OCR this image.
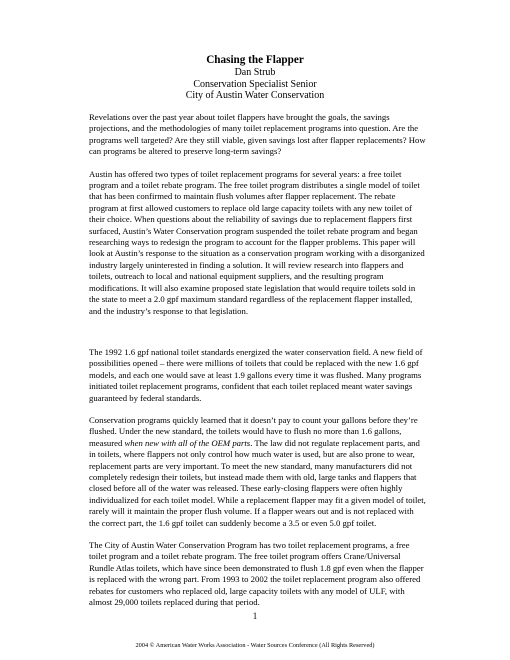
Chasing the Flapper

Dan Strub

Conservation Specialist Senior

City of Austin Water Conservation

Revelations over the past year about toilet flappers have brought the goals, the savings projections, and the methodologies of many toilet replacement programs into question. Are the programs well targeted? Are they still viable, given savings lost after flapper replacements? How can programs be altered to preserve long-term savings?

Austin has offered two types of toilet replacement programs for several years: a free toilet program and a toilet rebate program. The free toilet program distributes a single model of toilet that has been confirmed to maintain flush volumes after flapper replacement. The rebate program at first allowed customers to replace old large capacity toilets with any new toilet of their choice. When questions about the reliability of savings due to replacement flappers first surfaced, Austin’s Water Conservation program suspended the toilet rebate program and began researching ways to redesign the program to account for the flapper problems. This paper will look at Austin’s response to the situation as a conservation program working with a disorganized industry largely uninterested in finding a solution. It will review research into flappers and toilets, outreach to local and national equipment suppliers, and the resulting program modifications. It will also examine proposed state legislation that would require toilets sold in the state to meet a 2.0 gpf maximum standard regardless of the replacement flapper installed, and the industry’s response to that legislation.

The 1992 1.6 gpf national toilet standards energized the water conservation field. A new field of possibilities opened – there were millions of toilets that could be replaced with the new 1.6 gpf models, and each one would save at least 1.9 gallons every time it was flushed. Many programs initiated toilet replacement programs, confident that each toilet replaced meant water savings guaranteed by federal standards.

Conservation programs quickly learned that it doesn’t pay to count your gallons before they’re flushed. Under the new standard, the toilets would have to flush no more than 1.6 gallons, measured when new with all of the OEM parts. The law did not regulate replacement parts, and in toilets, where flappers not only control how much water is used, but are also prone to wear, replacement parts are very important. To meet the new standard, many manufacturers did not completely redesign their toilets, but instead made them with old, large tanks and flappers that closed before all of the water was released. These early-closing flappers were often highly individualized for each toilet model. While a replacement flapper may fit a given model of toilet, rarely will it maintain the proper flush volume. If a flapper wears out and is not replaced with the correct part, the 1.6 gpf toilet can suddenly become a 3.5 or even 5.0 gpf toilet.

The City of Austin Water Conservation Program has two toilet replacement programs, a free toilet program and a toilet rebate program. The free toilet program offers Crane/Universal Rundle Atlas toilets, which have since been demonstrated to flush 1.8 gpf even when the flapper is replaced with the wrong part. From 1993 to 2002 the toilet replacement program also offered rebates for customers who replaced old, large capacity toilets with any model of ULF, with almost 29,000 toilets replaced during that period.

1
2004 © American Water Works Association - Water Sources Conference (All Rights Reserved)
